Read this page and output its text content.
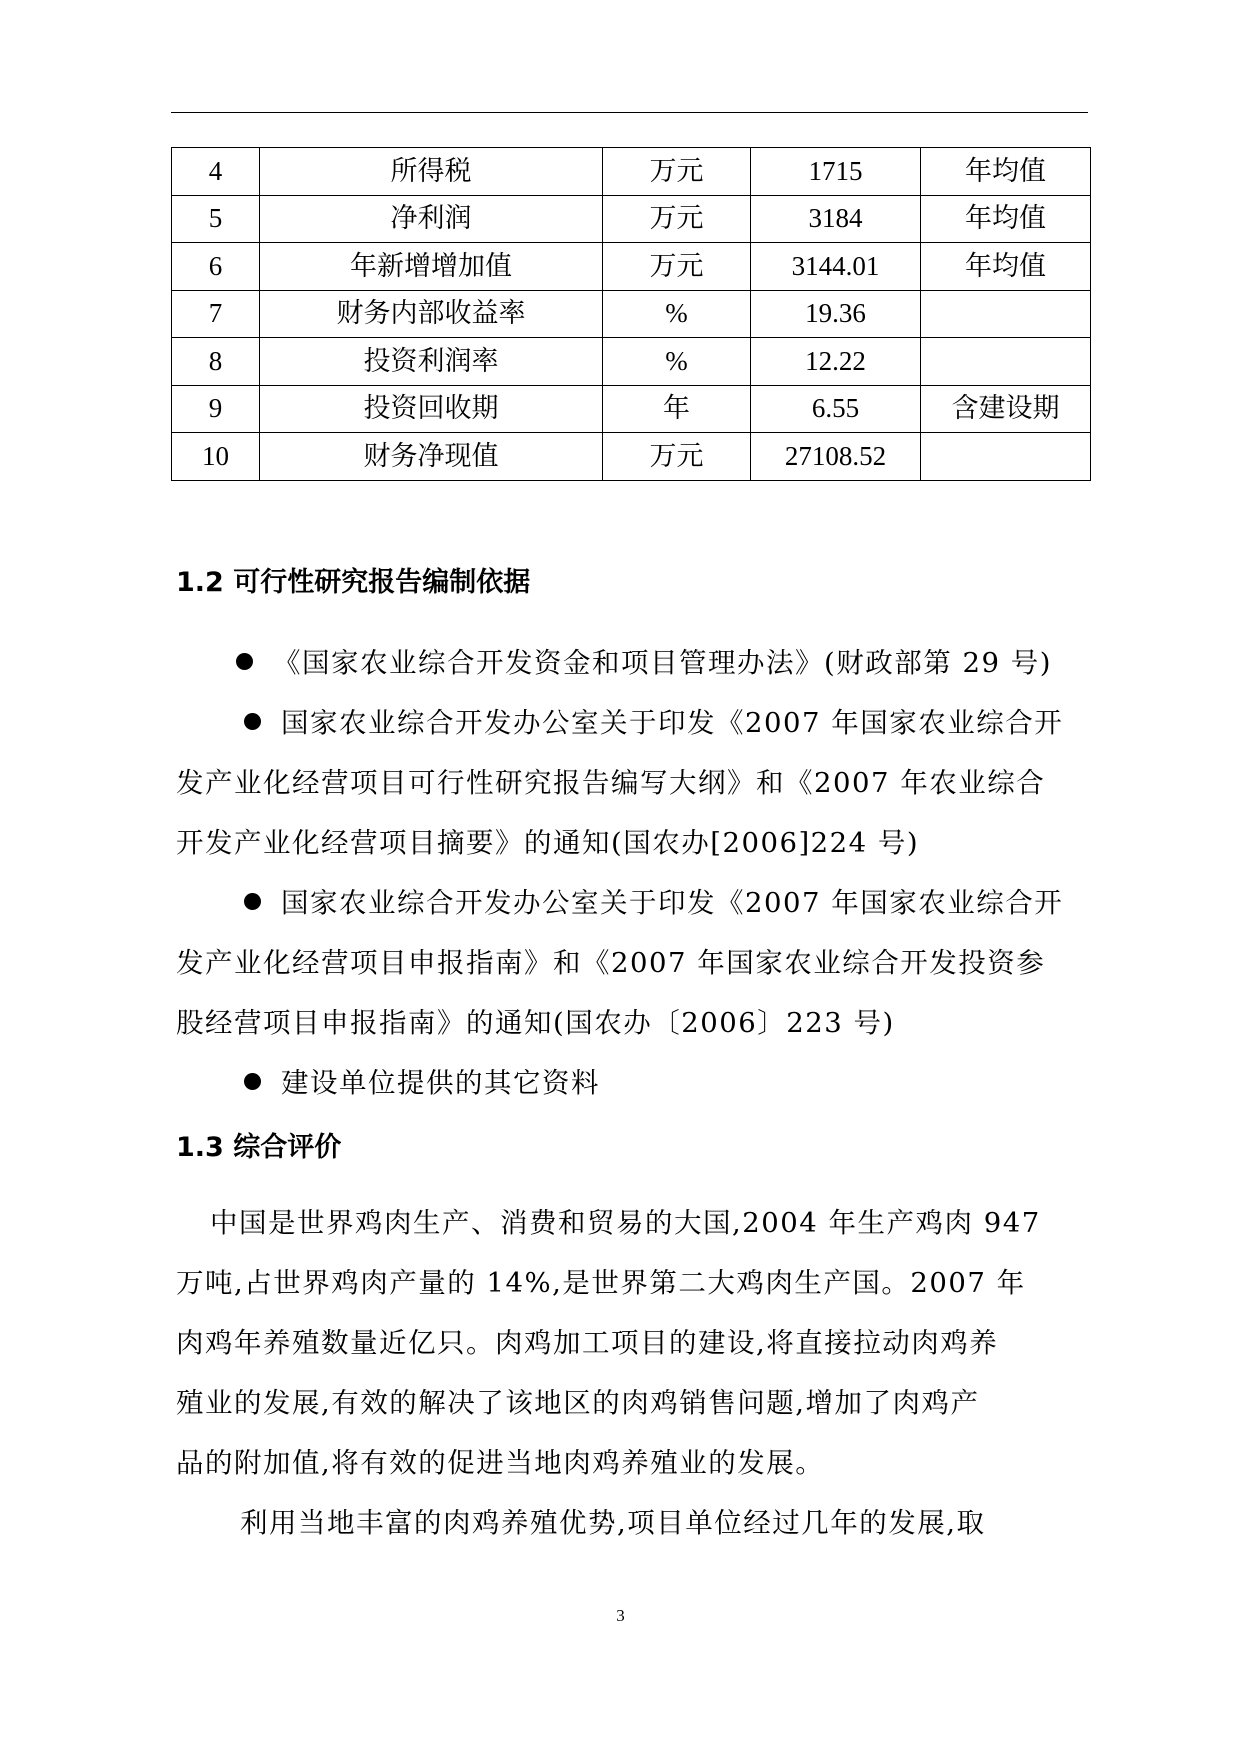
4	所得税	万元	1715	年均值
5	净利润	万元	3184	年均值
6	年新增增加值	万元	3144.01	年均值
7	财务内部收益率	%	19.36	
8	投资利润率	%	12.22	
9	投资回收期	年	6.55	含建设期
10	财务净现值	万元	27108.52	
1.2 可行性研究报告编制依据
《国家农业综合开发资金和项目管理办法》(财政部第 29 号)
国家农业综合开发办公室关于印发《2007 年国家农业综合开
发产业化经营项目可行性研究报告编写大纲》和《2007 年农业综合
开发产业化经营项目摘要》的通知(国农办[2006]224 号)
国家农业综合开发办公室关于印发《2007 年国家农业综合开
发产业化经营项目申报指南》和《2007 年国家农业综合开发投资参
股经营项目申报指南》的通知(国农办〔2006〕223 号)
建设单位提供的其它资料
1.3 综合评价
中国是世界鸡肉生产、消费和贸易的大国,2004 年生产鸡肉 947
万吨,占世界鸡肉产量的 14%,是世界第二大鸡肉生产国。2007 年
肉鸡年养殖数量近亿只。肉鸡加工项目的建设,将直接拉动肉鸡养
殖业的发展,有效的解决了该地区的肉鸡销售问题,增加了肉鸡产
品的附加值,将有效的促进当地肉鸡养殖业的发展。
利用当地丰富的肉鸡养殖优势,项目单位经过几年的发展,取
3
